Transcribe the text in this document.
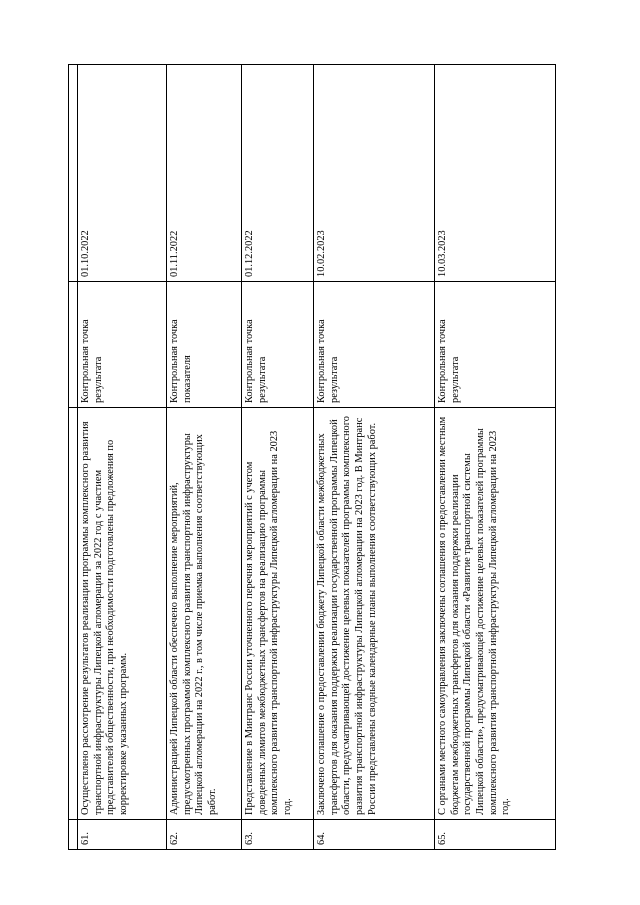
61.	Осуществлено рассмотрение результатов реализации программы комплексного развития транспортной инфраструктуры Липецкой агломерации за 2022 год с участием представителей общественности, при необходимости подготовлены предложения по корректировке указанных программ.	Контрольная точка результата	01.10.2022
62.	Администрацией Липецкой области обеспечено выполнение мероприятий, предусмотренных программой комплексного развития транспортной инфраструктуры Липецкой агломерации на 2022 г., в том числе приемка выполнения соответствующих работ.	Контрольная точка показателя	01.11.2022
63.	Представление в Минтранс России уточненного перечня мероприятий с учетом доведенных лимитов межбюджетных трансфертов на реализацию программы комплексного развития транспортной инфраструктуры Липецкой агломерации на 2023 год.	Контрольная точка результата	01.12.2022
64.	Заключено соглашение о предоставлении бюджету Липецкой области межбюджетных трансфертов для оказания поддержки реализации государственной программы Липецкой области, предусматривающей достижение целевых показателей программы комплексного развития транспортной инфраструктуры Липецкой агломерации на 2023 год. В Минтранс России представлены сводные календарные планы выполнения соответствующих работ.	Контрольная точка результата	10.02.2023
65.	С органами местного самоуправления заключены соглашения о предоставлении местным бюджетам межбюджетных трансфертов для оказания поддержки реализации государственной программы Липецкой области «Развитие транспортной системы Липецкой области», предусматривающей достижение целевых показателей программы комплексного развития транспортной инфраструктуры Липецкой агломерации на 2023 год.	Контрольная точка результата	10.03.2023
